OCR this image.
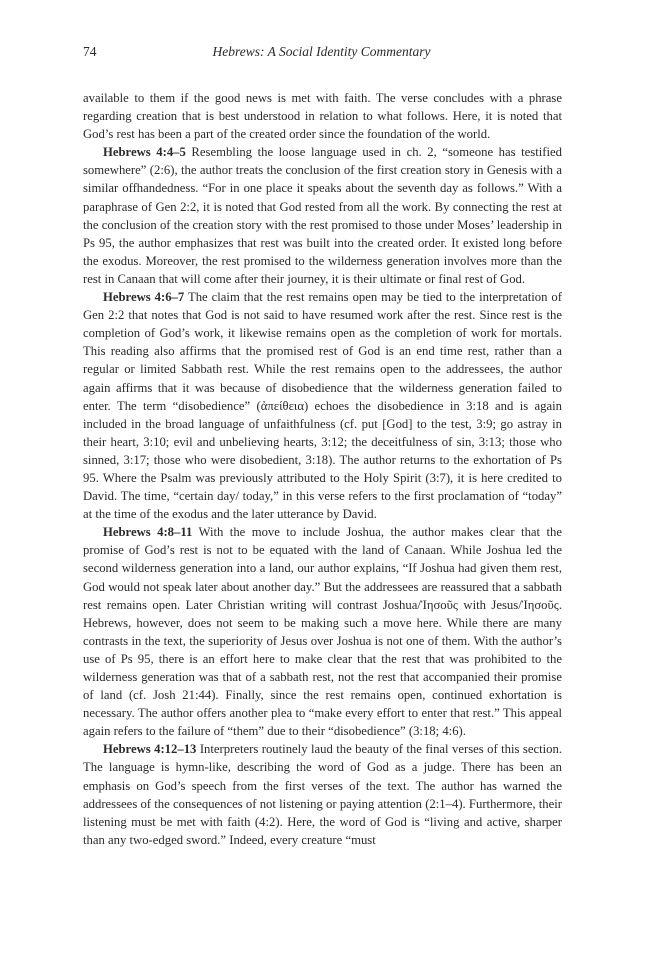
74	Hebrews: A Social Identity Commentary

available to them if the good news is met with faith. The verse concludes with a phrase regarding creation that is best understood in relation to what follows. Here, it is noted that God’s rest has been a part of the created order since the foundation of the world.

Hebrews 4:4–5 Resembling the loose language used in ch. 2, “someone has testified somewhere” (2:6), the author treats the conclusion of the first creation story in Genesis with a similar offhandedness. “For in one place it speaks about the seventh day as follows.” With a paraphrase of Gen 2:2, it is noted that God rested from all the work. By connecting the rest at the conclusion of the creation story with the rest promised to those under Moses’ leadership in Ps 95, the author emphasizes that rest was built into the created order. It existed long before the exodus. Moreover, the rest promised to the wilderness generation involves more than the rest in Canaan that will come after their journey, it is their ultimate or final rest of God.

Hebrews 4:6–7 The claim that the rest remains open may be tied to the interpretation of Gen 2:2 that notes that God is not said to have resumed work after the rest. Since rest is the completion of God’s work, it likewise remains open as the completion of work for mortals. This reading also affirms that the promised rest of God is an end time rest, rather than a regular or limited Sabbath rest. While the rest remains open to the addressees, the author again affirms that it was because of disobedience that the wilderness generation failed to enter. The term “disobedience” (ἀπείθεια) echoes the disobedience in 3:18 and is again included in the broad language of unfaithfulness (cf. put [God] to the test, 3:9; go astray in their heart, 3:10; evil and unbelieving hearts, 3:12; the deceitfulness of sin, 3:13; those who sinned, 3:17; those who were disobedient, 3:18). The author returns to the exhortation of Ps 95. Where the Psalm was previously attributed to the Holy Spirit (3:7), it is here credited to David. The time, “certain day/ today,” in this verse refers to the first proclamation of “today” at the time of the exodus and the later utterance by David.

Hebrews 4:8–11 With the move to include Joshua, the author makes clear that the promise of God’s rest is not to be equated with the land of Canaan. While Joshua led the second wilderness generation into a land, our author explains, “If Joshua had given them rest, God would not speak later about another day.” But the addressees are reassured that a sabbath rest remains open. Later Christian writing will contrast Joshua/Ἰησοῦς with Jesus/Ἰησοῦς. Hebrews, however, does not seem to be making such a move here. While there are many contrasts in the text, the superiority of Jesus over Joshua is not one of them. With the author’s use of Ps 95, there is an effort here to make clear that the rest that was prohibited to the wilderness generation was that of a sabbath rest, not the rest that accompanied their promise of land (cf. Josh 21:44). Finally, since the rest remains open, continued exhortation is necessary. The author offers another plea to “make every effort to enter that rest.” This appeal again refers to the failure of “them” due to their “disobedience” (3:18; 4:6).

Hebrews 4:12–13 Interpreters routinely laud the beauty of the final verses of this section. The language is hymn-like, describing the word of God as a judge. There has been an emphasis on God’s speech from the first verses of the text. The author has warned the addressees of the consequences of not listening or paying attention (2:1–4). Furthermore, their listening must be met with faith (4:2). Here, the word of God is “living and active, sharper than any two-edged sword.” Indeed, every creature “must
